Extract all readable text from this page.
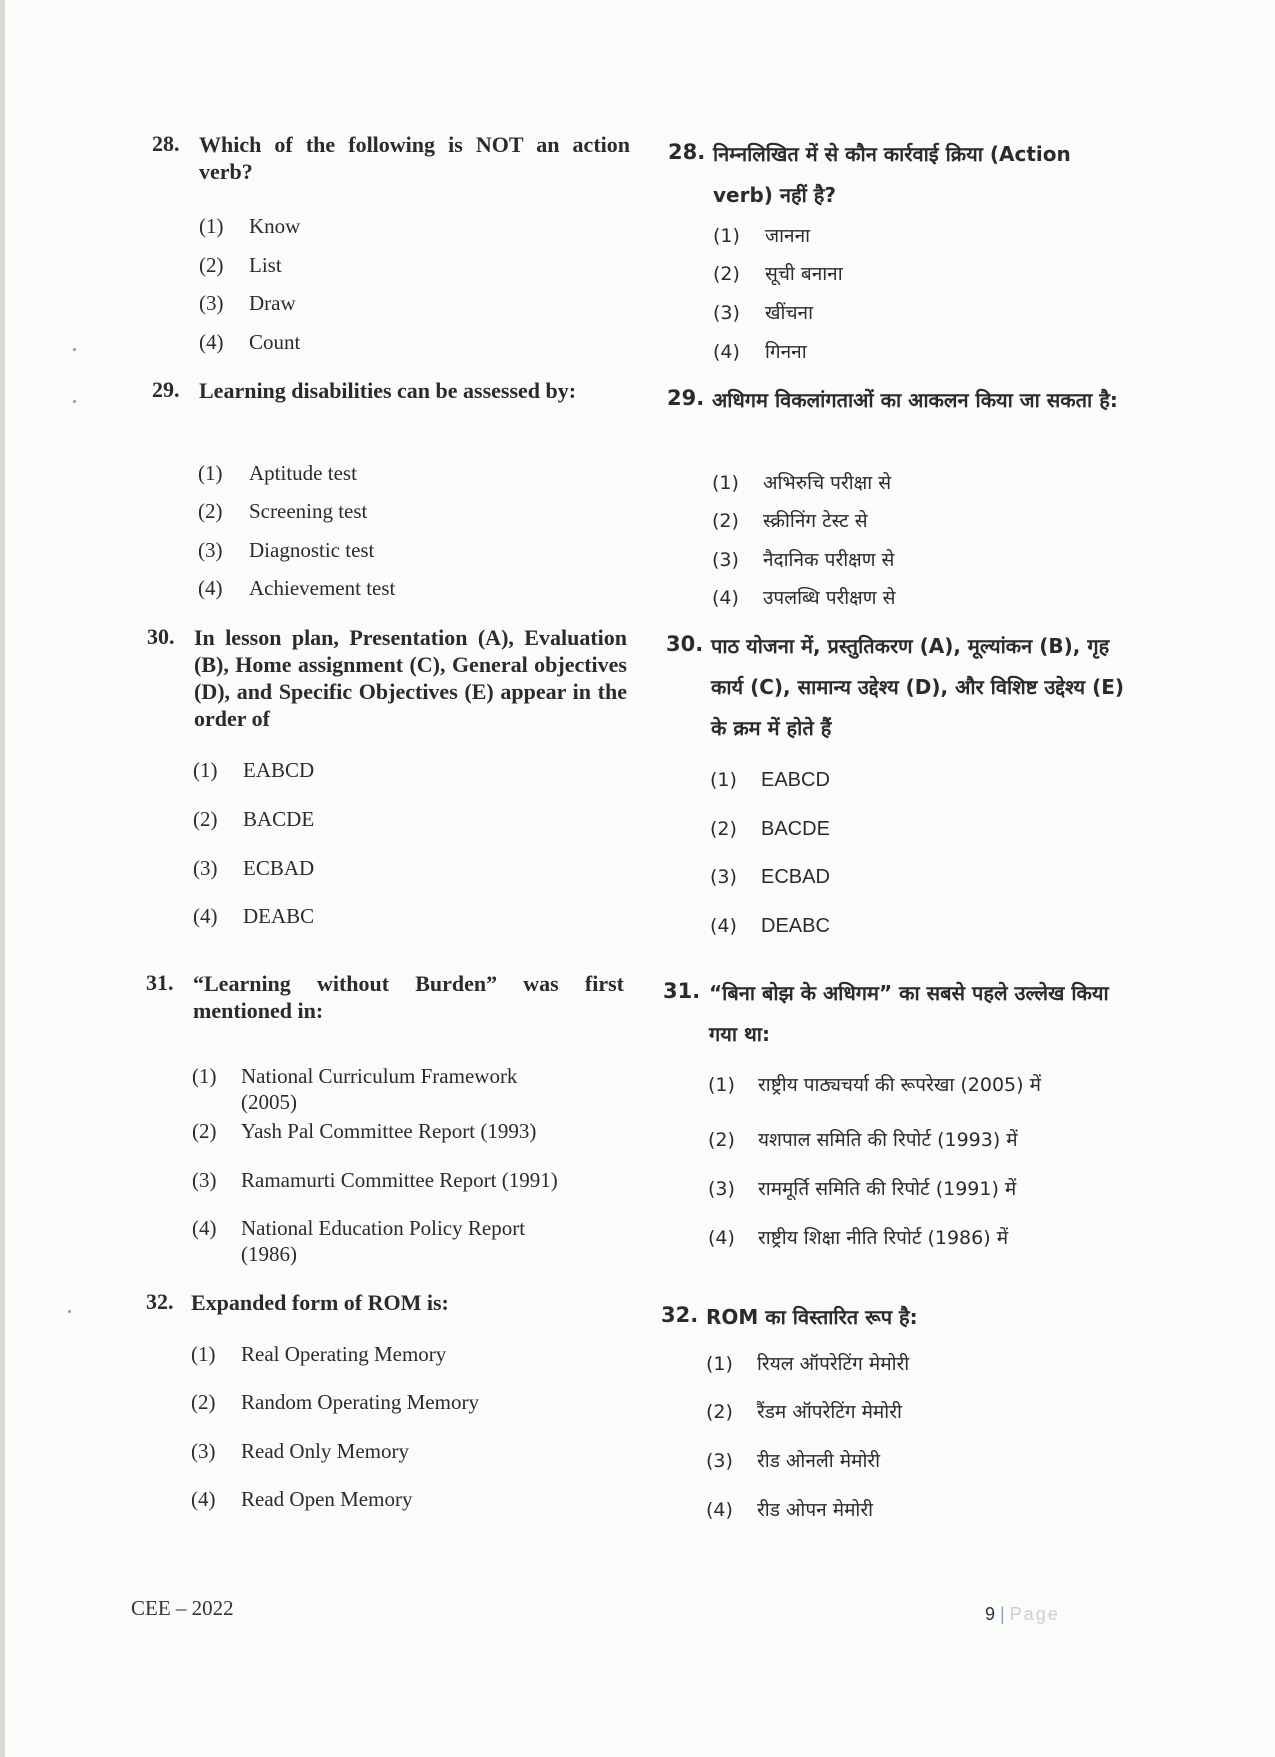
28. Which of the following is NOT an action verb?
(1) Know
(2) List
(3) Draw
(4) Count
29. Learning disabilities can be assessed by:
(1) Aptitude test
(2) Screening test
(3) Diagnostic test
(4) Achievement test
30. In lesson plan, Presentation (A), Evaluation (B), Home assignment (C), General objectives (D), and Specific Objectives (E) appear in the order of
(1) EABCD
(2) BACDE
(3) ECBAD
(4) DEABC
31. “Learning without Burden” was first mentioned in:
(1) National Curriculum Framework (2005)
(2) Yash Pal Committee Report (1993)
(3) Ramamurti Committee Report (1991)
(4) National Education Policy Report (1986)
32. Expanded form of ROM is:
(1) Real Operating Memory
(2) Random Operating Memory
(3) Read Only Memory
(4) Read Open Memory
28. निम्नलिखित में से कौन कार्रवाई क्रिया (Action verb) नहीं है?
(1) जानना
(2) सूची बनाना
(3) खींचना
(4) गिनना
29. अधिगम विकलांगताओं का आकलन किया जा सकता है:
(1) अभिरुचि परीक्षा से
(2) स्क्रीनिंग टेस्ट से
(3) नैदानिक परीक्षण से
(4) उपलब्धि परीक्षण से
30. पाठ योजना में, प्रस्तुतिकरण (A), मूल्यांकन (B), गृह कार्य (C), सामान्य उद्देश्य (D), और विशिष्ट उद्देश्य (E) के क्रम में होते हैं
(1) EABCD
(2) BACDE
(3) ECBAD
(4) DEABC
31. “बिना बोझ के अधिगम” का सबसे पहले उल्लेख किया गया था:
(1) राष्ट्रीय पाठ्यचर्या की रूपरेखा (2005) में
(2) यशपाल समिति की रिपोर्ट (1993) में
(3) राममूर्ति समिति की रिपोर्ट (1991) में
(4) राष्ट्रीय शिक्षा नीति रिपोर्ट (1986) में
32. ROM का विस्तारित रूप है:
(1) रियल ऑपरेटिंग मेमोरी
(2) रैंडम ऑपरेटिंग मेमोरी
(3) रीड ओनली मेमोरी
(4) रीड ओपन मेमोरी
CEE – 2022	9 | Page
